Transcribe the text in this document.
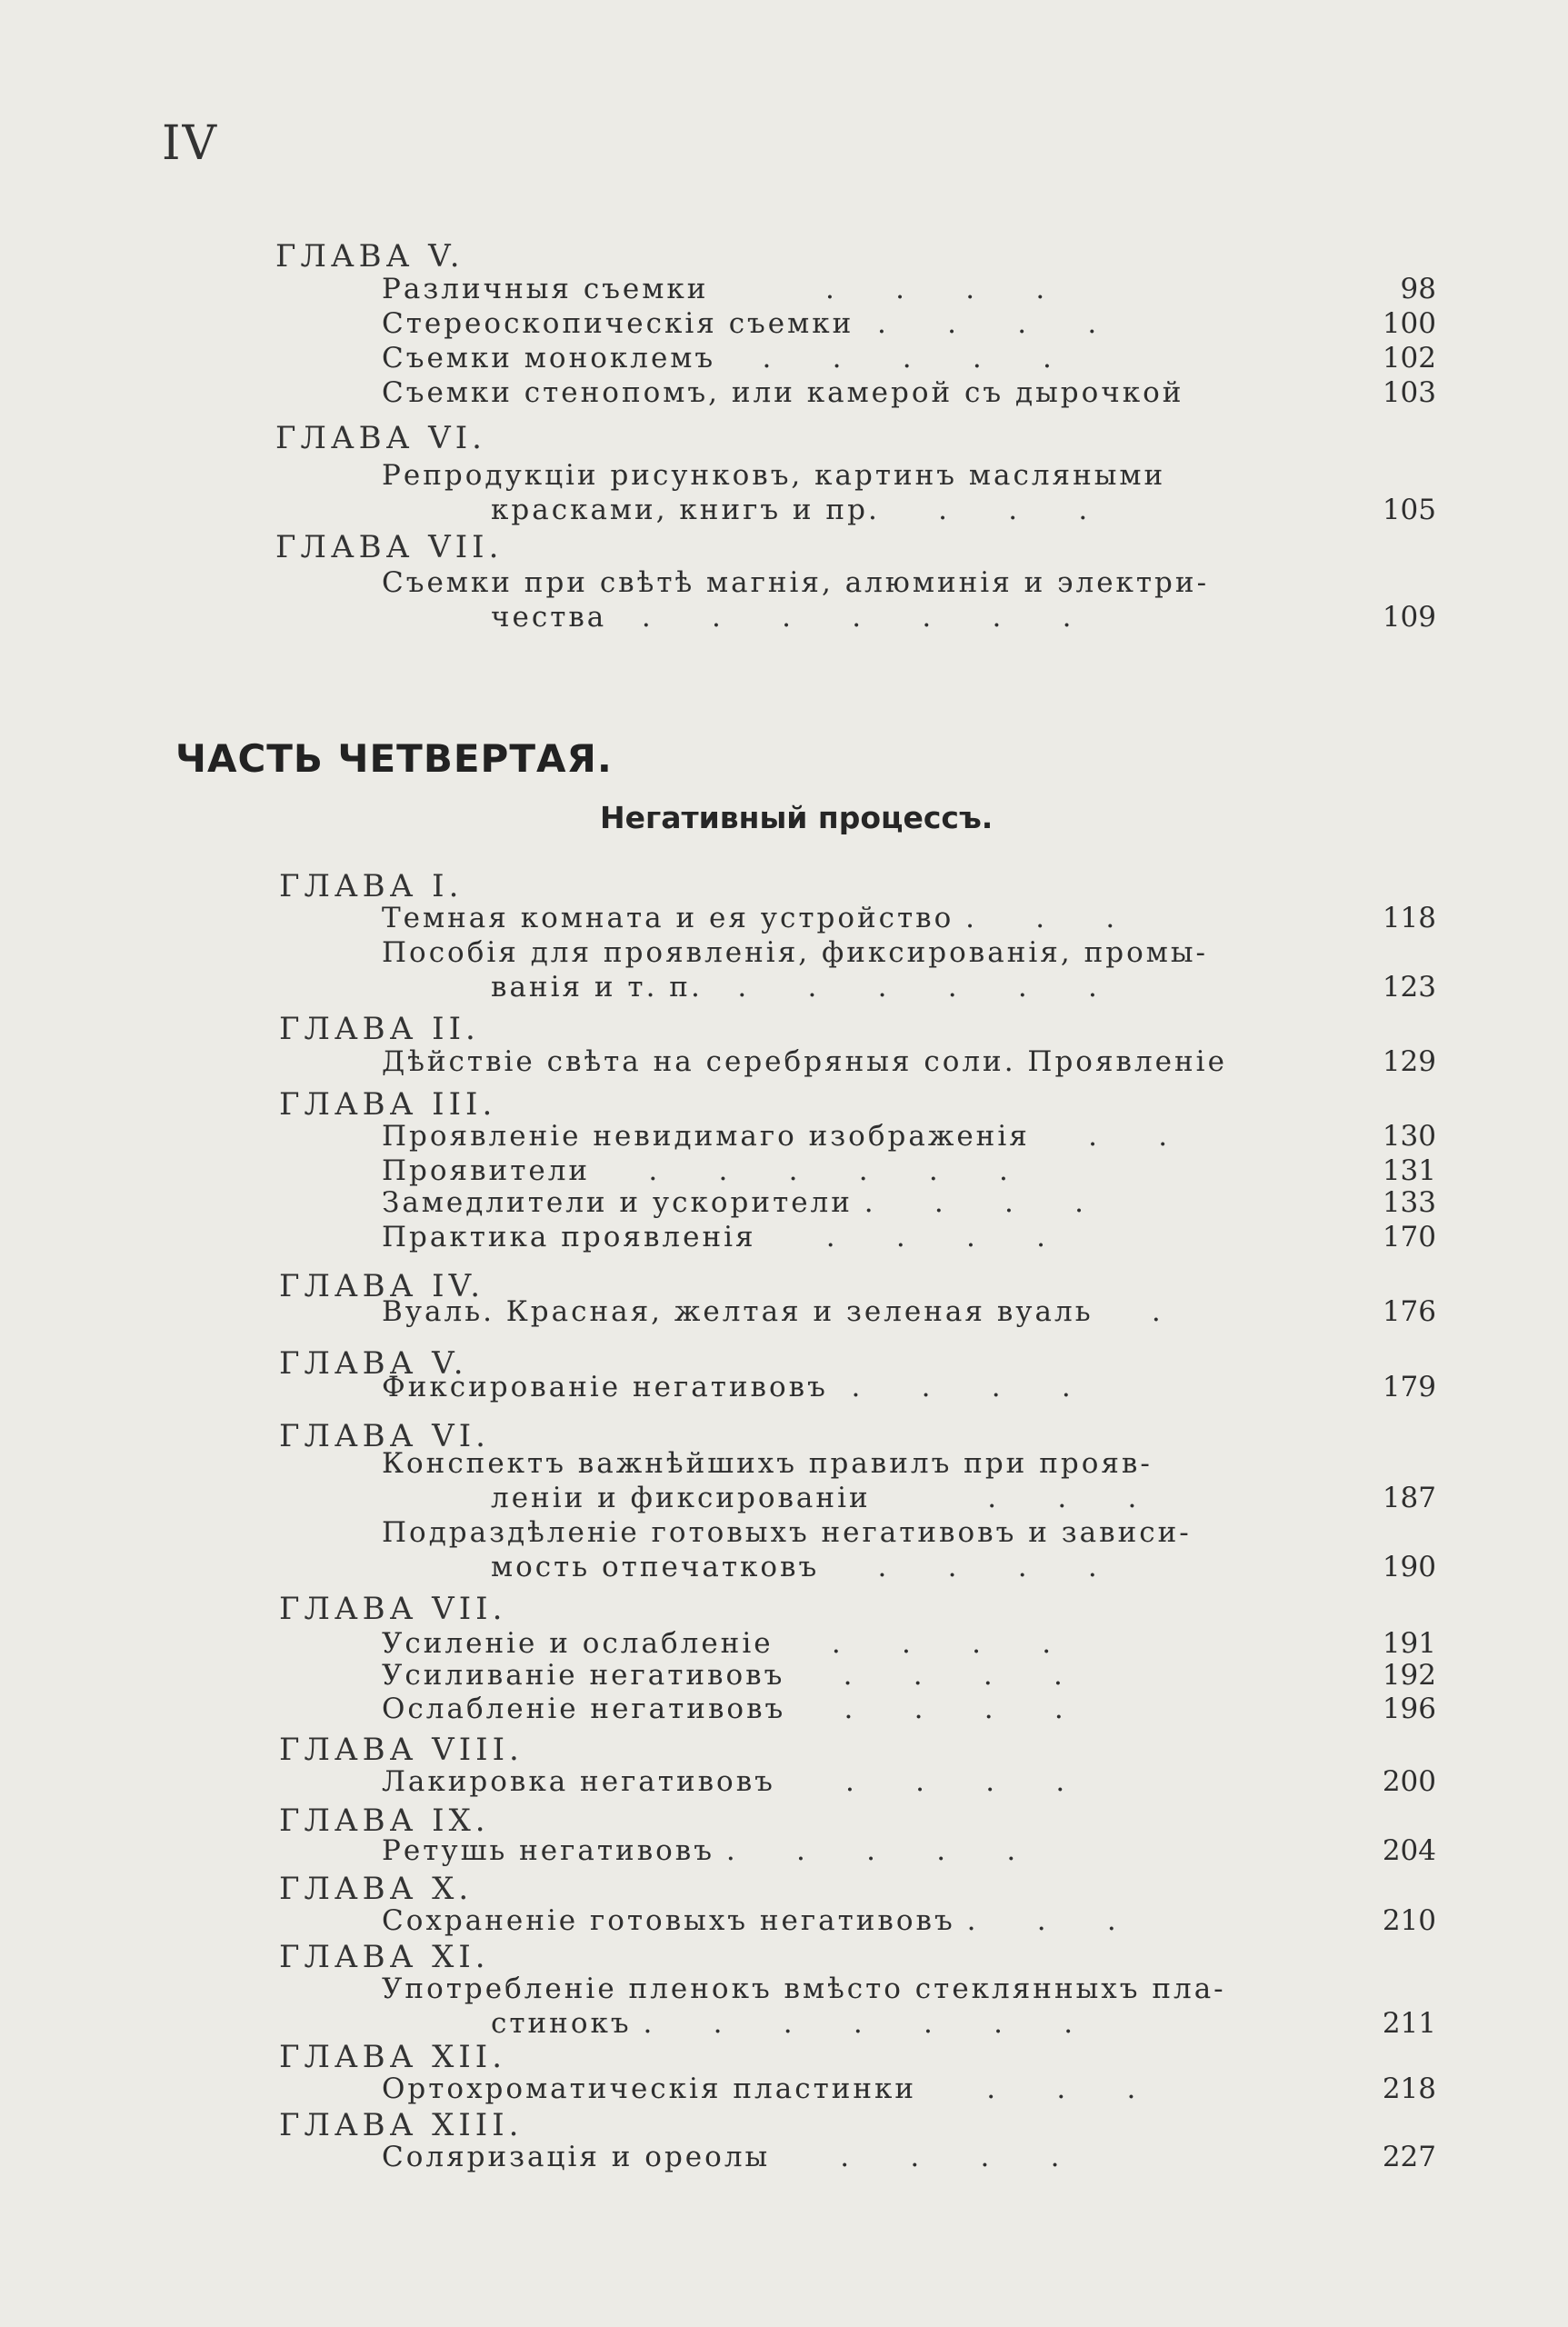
IV
ГЛАВА V.
Различныя съемки          .     .     .     .	98
Стереоскопическія съемки  .     .     .     .	100
Съемки моноклемъ    .     .     .     .     .	102
Съемки стенопомъ, или камерой съ дырочкой	103
ГЛАВА VI.
Репродукціи рисунковъ, картинъ масляными
красками, книгъ и пр.     .     .     .	105
ГЛАВА VII.
Съемки при свѣтѣ магнія, алюминія и электри-
чества   .     .     .     .     .     .     .	109
ЧАСТЬ ЧЕТВЕРТАЯ.
Негативный процессъ.
ГЛАВА I.
Темная комната и ея устройство .     .     .	118
Пособія для проявленія, фиксированія, промы-
ванія и т. п.   .     .     .     .     .     .	123
ГЛАВА II.
Дѣйствіе свѣта на серебряныя соли. Проявленіе	129
ГЛАВА III.
Проявленіе невидимаго изображенія     .     .	130
Проявители     .     .     .     .     .     .	131
Замедлители и ускорители .     .     .     .	133
Практика проявленія      .     .     .     .	170
ГЛАВА IV.
Вуаль. Красная, желтая и зеленая вуаль     .	176
ГЛАВА V.
Фиксированіе негативовъ  .     .     .     .	179
ГЛАВА VI.
Конспектъ важнѣйшихъ правилъ при прояв-
леніи и фиксированіи          .     .     .	187
Подраздѣленіе готовыхъ негативовъ и зависи-
мость отпечатковъ     .     .     .     .	190
ГЛАВА VII.
Усиленіе и ослабленіе     .     .     .     .	191
Усиливаніе негативовъ     .     .     .     .	192
Ослабленіе негативовъ     .     .     .     .	196
ГЛАВА VIII.
Лакировка негативовъ      .     .     .     .	200
ГЛАВА IX.
Ретушь негативовъ .     .     .     .     .	204
ГЛАВА X.
Сохраненіе готовыхъ негативовъ .     .     .	210
ГЛАВА XI.
Употребленіе пленокъ вмѣсто стеклянныхъ пла-
стинокъ .     .     .     .     .     .     .	211
ГЛАВА XII.
Ортохроматическія пластинки      .     .     .	218
ГЛАВА XIII.
Соляризація и ореолы      .     .     .     .	227
